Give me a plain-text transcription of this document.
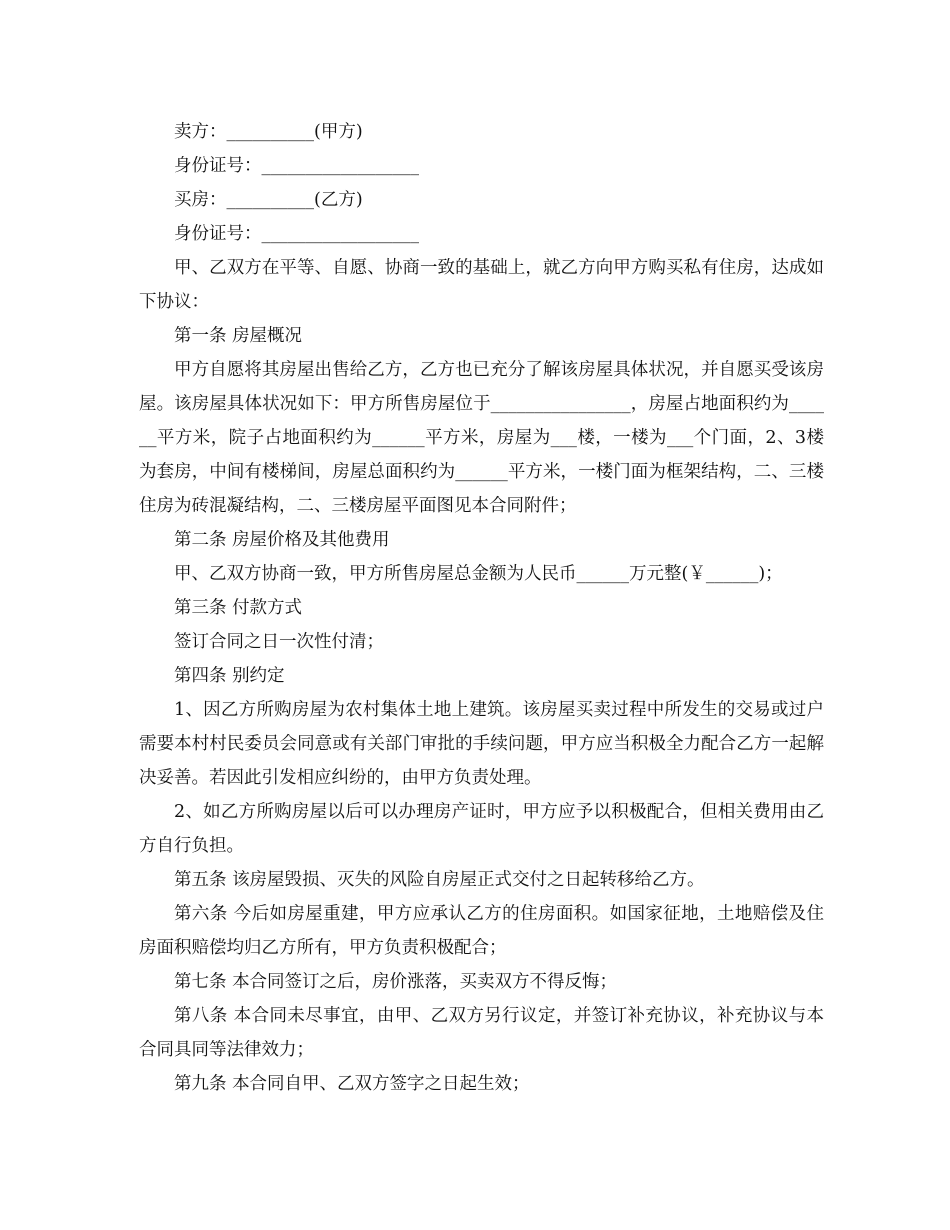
卖方：__________(甲方)

身份证号：__________________

买房：__________(乙方)

身份证号：__________________

甲、乙双方在平等、自愿、协商一致的基础上，就乙方向甲方购买私有住房，达成如下协议：

第一条 房屋概况

甲方自愿将其房屋出售给乙方，乙方也已充分了解该房屋具体状况，并自愿买受该房屋。该房屋具体状况如下：甲方所售房屋位于________________，房屋占地面积约为______平方米，院子占地面积约为______平方米，房屋为___楼，一楼为___个门面，2、3楼为套房，中间有楼梯间，房屋总面积约为______平方米，一楼门面为框架结构，二、三楼住房为砖混凝结构，二、三楼房屋平面图见本合同附件；

第二条 房屋价格及其他费用

甲、乙双方协商一致，甲方所售房屋总金额为人民币______万元整(￥______)；

第三条 付款方式

签订合同之日一次性付清；

第四条 别约定

1、因乙方所购房屋为农村集体土地上建筑。该房屋买卖过程中所发生的交易或过户需要本村村民委员会同意或有关部门审批的手续问题，甲方应当积极全力配合乙方一起解决妥善。若因此引发相应纠纷的，由甲方负责处理。

2、如乙方所购房屋以后可以办理房产证时，甲方应予以积极配合，但相关费用由乙方自行负担。

第五条 该房屋毁损、灭失的风险自房屋正式交付之日起转移给乙方。

第六条 今后如房屋重建，甲方应承认乙方的住房面积。如国家征地，土地赔偿及住房面积赔偿均归乙方所有，甲方负责积极配合；

第七条 本合同签订之后，房价涨落，买卖双方不得反悔；

第八条 本合同未尽事宜，由甲、乙双方另行议定，并签订补充协议，补充协议与本合同具同等法律效力；

第九条 本合同自甲、乙双方签字之日起生效；
